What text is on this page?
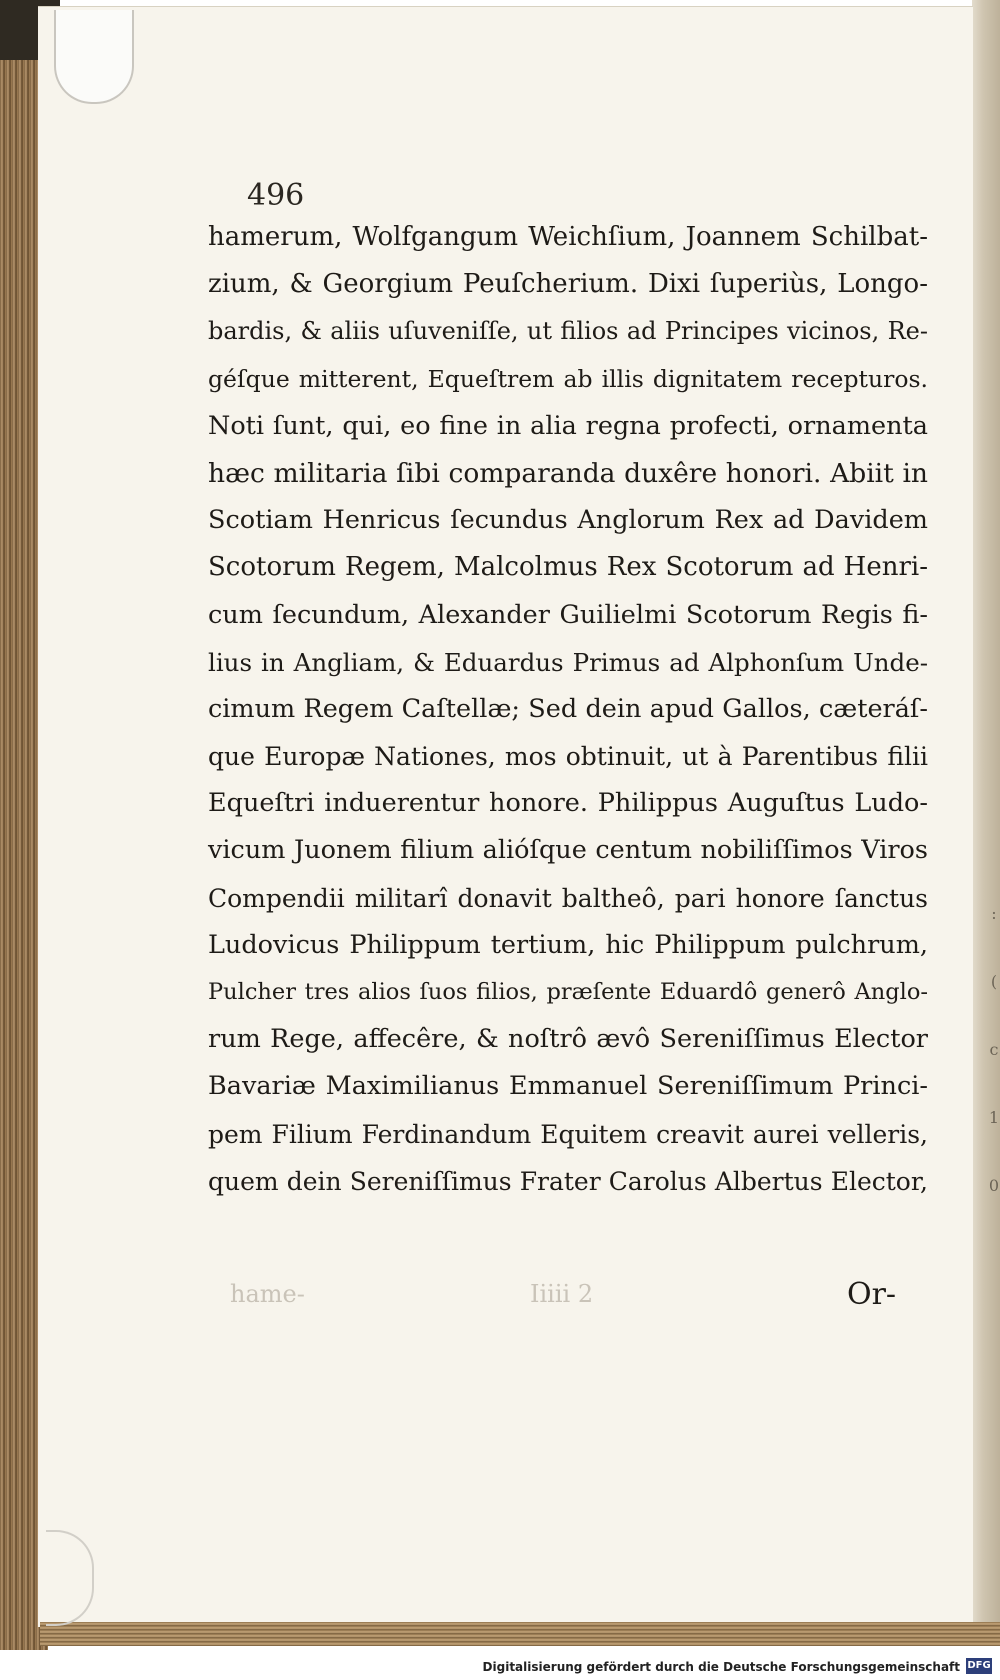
:
(
c
1
0
496
hamerum, Wolfgangum Weichſium, Joannem Schilbat-
zium, & Georgium Peuſcherium. Dixi ſuperiùs, Longo-
bardis, & aliis uſuveniſſe, ut filios ad Principes vicinos, Re-
géſque mitterent, Equeſtrem ab illis dignitatem recepturos.
Noti ſunt, qui, eo fine in alia regna profecti, ornamenta
hæc militaria ſibi comparanda duxêre honori. Abiit in
Scotiam Henricus ſecundus Anglorum Rex ad Davidem
Scotorum Regem, Malcolmus Rex Scotorum ad Henri-
cum ſecundum, Alexander Guilielmi Scotorum Regis fi-
lius in Angliam, & Eduardus Primus ad Alphonſum Unde-
cimum Regem Caſtellæ; Sed dein apud Gallos, cæteráſ-
que Europæ Nationes, mos obtinuit, ut à Parentibus filii
Equeſtri induerentur honore. Philippus Auguſtus Ludo-
vicum Juonem filium alióſque centum nobiliſſimos Viros
Compendii militarî donavit baltheô, pari honore ſanctus
Ludovicus Philippum tertium, hic Philippum pulchrum,
Pulcher tres alios ſuos filios, præſente Eduardô generô Anglo-
rum Rege, affecêre, & noſtrô ævô Sereniſſimus Elector
Bavariæ Maximilianus Emmanuel Sereniſſimum Princi-
pem Filium Ferdinandum Equitem creavit aurei velleris,
quem dein Sereniſſimus Frater Carolus Albertus Elector,
hame-	Iiiii 2	Or-
Digitalisierung gefördert durch die Deutsche Forschungsgemeinschaft DFG
